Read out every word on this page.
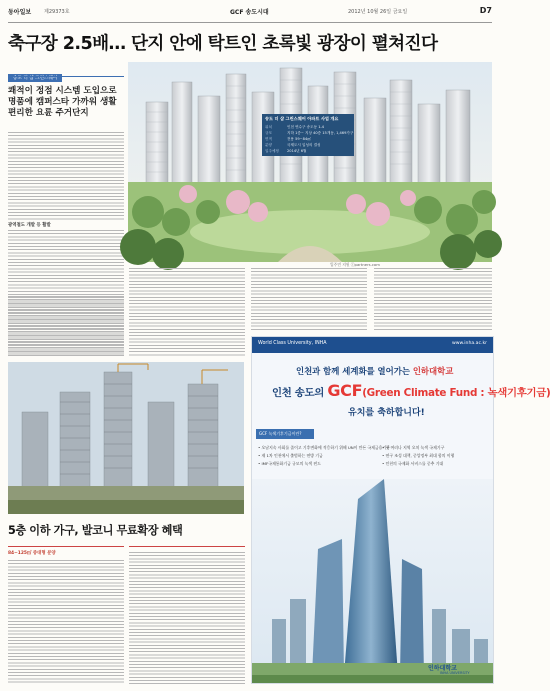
동아일보	제29373호	GCF 송도시대	2012년 10월 26일 금요일	D7
축구장 2.5배… 단지 안에 탁트인 초록빛 광장이 펼쳐진다
송도 더 샵 그린스퀘어
쾌적이 정점 시스템 도입으로 명품에 캠퍼스타 가까워 생활 편리한 요륜 주거단지
광역철도 개발 등 활발
입주민 지원 ⓒpartners.com
송도 더 샵 그린스퀘어 아파트 사업 개요
위치	인천 연수구 송도동 1-4
규모	지하 1층~ 지상 40층 15개동, 1,469가구
면적	전용 59~84㎡
분양	국제도시 입성의 결성
입주예정 2014년 6월
5층 이하 가구, 발코니 무료확장 혜택
84~125㎡ 중대형 분양
World Class University, INHA	www.inha.ac.kr
인천과 함께 세계화를 열어가는 인하대학교
인천 송도의 GCF(Green Climate Fund : 녹색기후기금)
유치를 축하합니다!
GCF 녹색기후기금이란?
• 오남지속 사회를 줄이고 기후변화에 적응하기 위해 UN이 만든 국제금융기구
• 제 1차 인천에서 출범하는 연방 기금
• IMF국제통화기금 규모의 녹색 펀드
• 첫 여러나 지역 오치 녹색 국제기구
• 연구 조성 대책, 중앙정부 최대 합의 이행
• 인천의 국제화 서비스를 중추 기대
인하대학교
INHA UNIVERSITY
